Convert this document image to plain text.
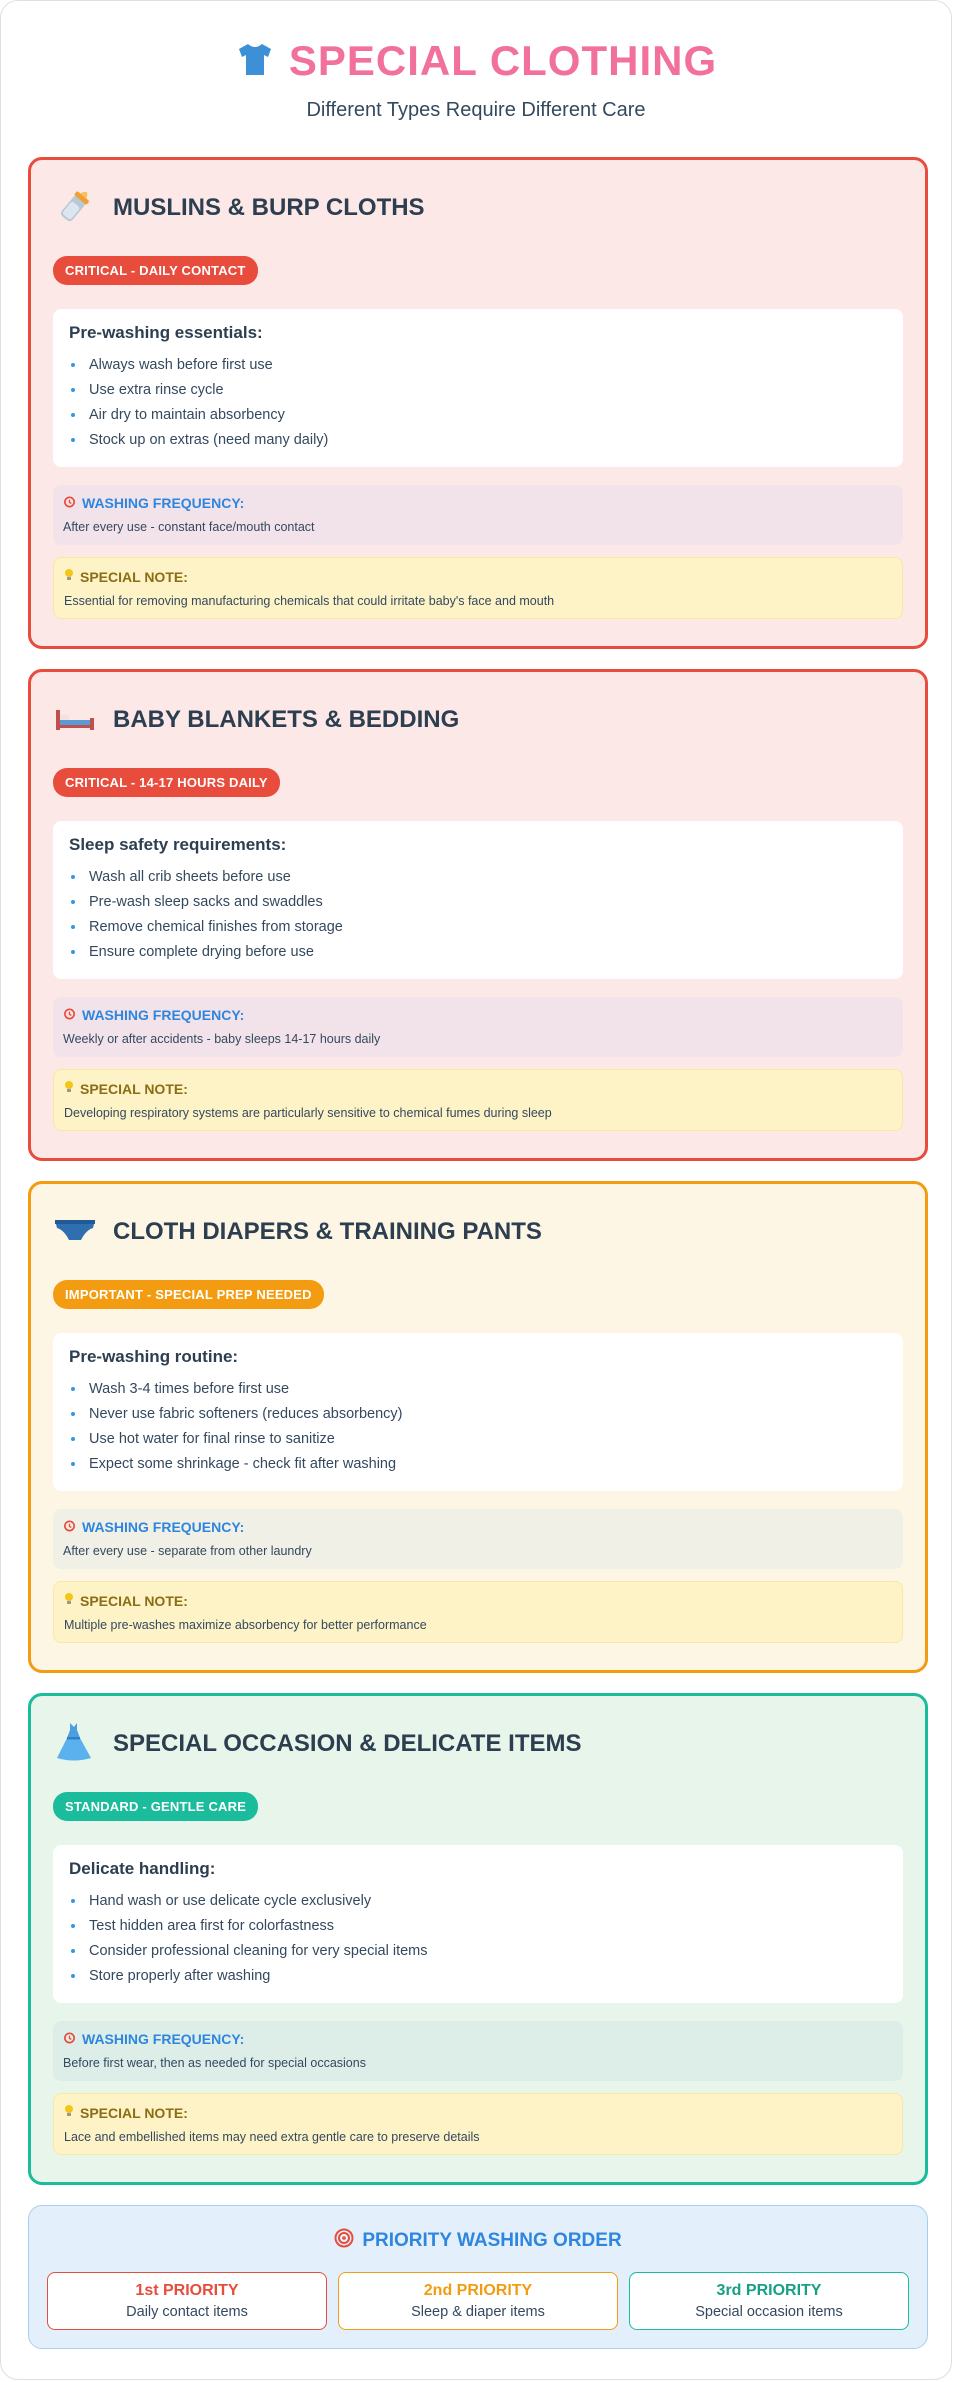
SPECIAL CLOTHING
Different Types Require Different Care
MUSLINS & BURP CLOTHS
CRITICAL - DAILY CONTACT
Pre-washing essentials:
Always wash before first use
Use extra rinse cycle
Air dry to maintain absorbency
Stock up on extras (need many daily)
WASHING FREQUENCY:
After every use - constant face/mouth contact
SPECIAL NOTE:
Essential for removing manufacturing chemicals that could irritate baby's face and mouth
BABY BLANKETS & BEDDING
CRITICAL - 14-17 HOURS DAILY
Sleep safety requirements:
Wash all crib sheets before use
Pre-wash sleep sacks and swaddles
Remove chemical finishes from storage
Ensure complete drying before use
WASHING FREQUENCY:
Weekly or after accidents - baby sleeps 14-17 hours daily
SPECIAL NOTE:
Developing respiratory systems are particularly sensitive to chemical fumes during sleep
CLOTH DIAPERS & TRAINING PANTS
IMPORTANT - SPECIAL PREP NEEDED
Pre-washing routine:
Wash 3-4 times before first use
Never use fabric softeners (reduces absorbency)
Use hot water for final rinse to sanitize
Expect some shrinkage - check fit after washing
WASHING FREQUENCY:
After every use - separate from other laundry
SPECIAL NOTE:
Multiple pre-washes maximize absorbency for better performance
SPECIAL OCCASION & DELICATE ITEMS
STANDARD - GENTLE CARE
Delicate handling:
Hand wash or use delicate cycle exclusively
Test hidden area first for colorfastness
Consider professional cleaning for very special items
Store properly after washing
WASHING FREQUENCY:
Before first wear, then as needed for special occasions
SPECIAL NOTE:
Lace and embellished items may need extra gentle care to preserve details
PRIORITY WASHING ORDER
1st PRIORITY
Daily contact items
2nd PRIORITY
Sleep & diaper items
3rd PRIORITY
Special occasion items
